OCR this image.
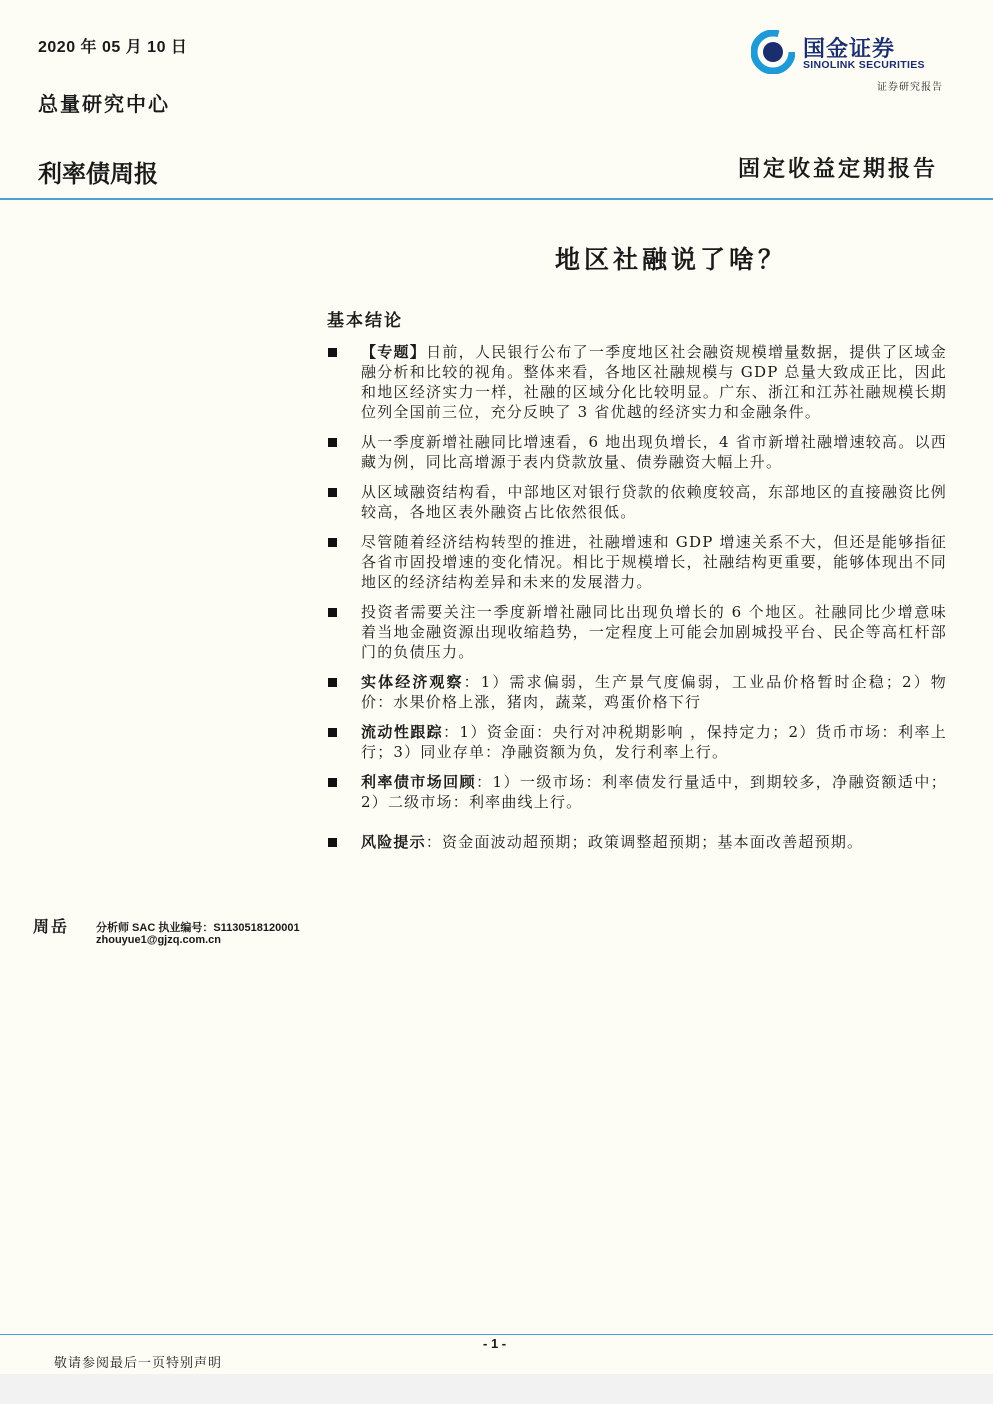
2020 年 05 月 10 日
总量研究中心
国金证券
SINOLINK SECURITIES
证券研究报告
利率债周报	固定收益定期报告
地区社融说了啥？
基本结论
【专题】日前，人民银行公布了一季度地区社会融资规模增量数据，提供了区域金融分析和比较的视角。整体来看，各地区社融规模与 GDP 总量大致成正比，因此和地区经济实力一样，社融的区域分化比较明显。广东、浙江和江苏社融规模长期位列全国前三位，充分反映了 3 省优越的经济实力和金融条件。
从一季度新增社融同比增速看，6 地出现负增长，4 省市新增社融增速较高。以西藏为例，同比高增源于表内贷款放量、债券融资大幅上升。
从区域融资结构看，中部地区对银行贷款的依赖度较高，东部地区的直接融资比例较高，各地区表外融资占比依然很低。
尽管随着经济结构转型的推进，社融增速和 GDP 增速关系不大，但还是能够指征各省市固投增速的变化情况。相比于规模增长，社融结构更重要，能够体现出不同地区的经济结构差异和未来的发展潜力。
投资者需要关注一季度新增社融同比出现负增长的 6 个地区。社融同比少增意味着当地金融资源出现收缩趋势，一定程度上可能会加剧城投平台、民企等高杠杆部门的负债压力。
实体经济观察：1）需求偏弱，生产景气度偏弱，工业品价格暂时企稳；2）物价：水果价格上涨，猪肉，蔬菜，鸡蛋价格下行
流动性跟踪：1）资金面：央行对冲税期影响 ，保持定力；2）货币市场：利率上行；3）同业存单：净融资额为负，发行利率上行。
利率债市场回顾：1）一级市场：利率债发行量适中，到期较多，净融资额适中；2）二级市场：利率曲线上行。
风险提示：资金面波动超预期；政策调整超预期；基本面改善超预期。
周岳 分析师 SAC 执业编号：S1130518120001
zhouyue1@gjzq.com.cn
- 1 -
敬请参阅最后一页特别声明
